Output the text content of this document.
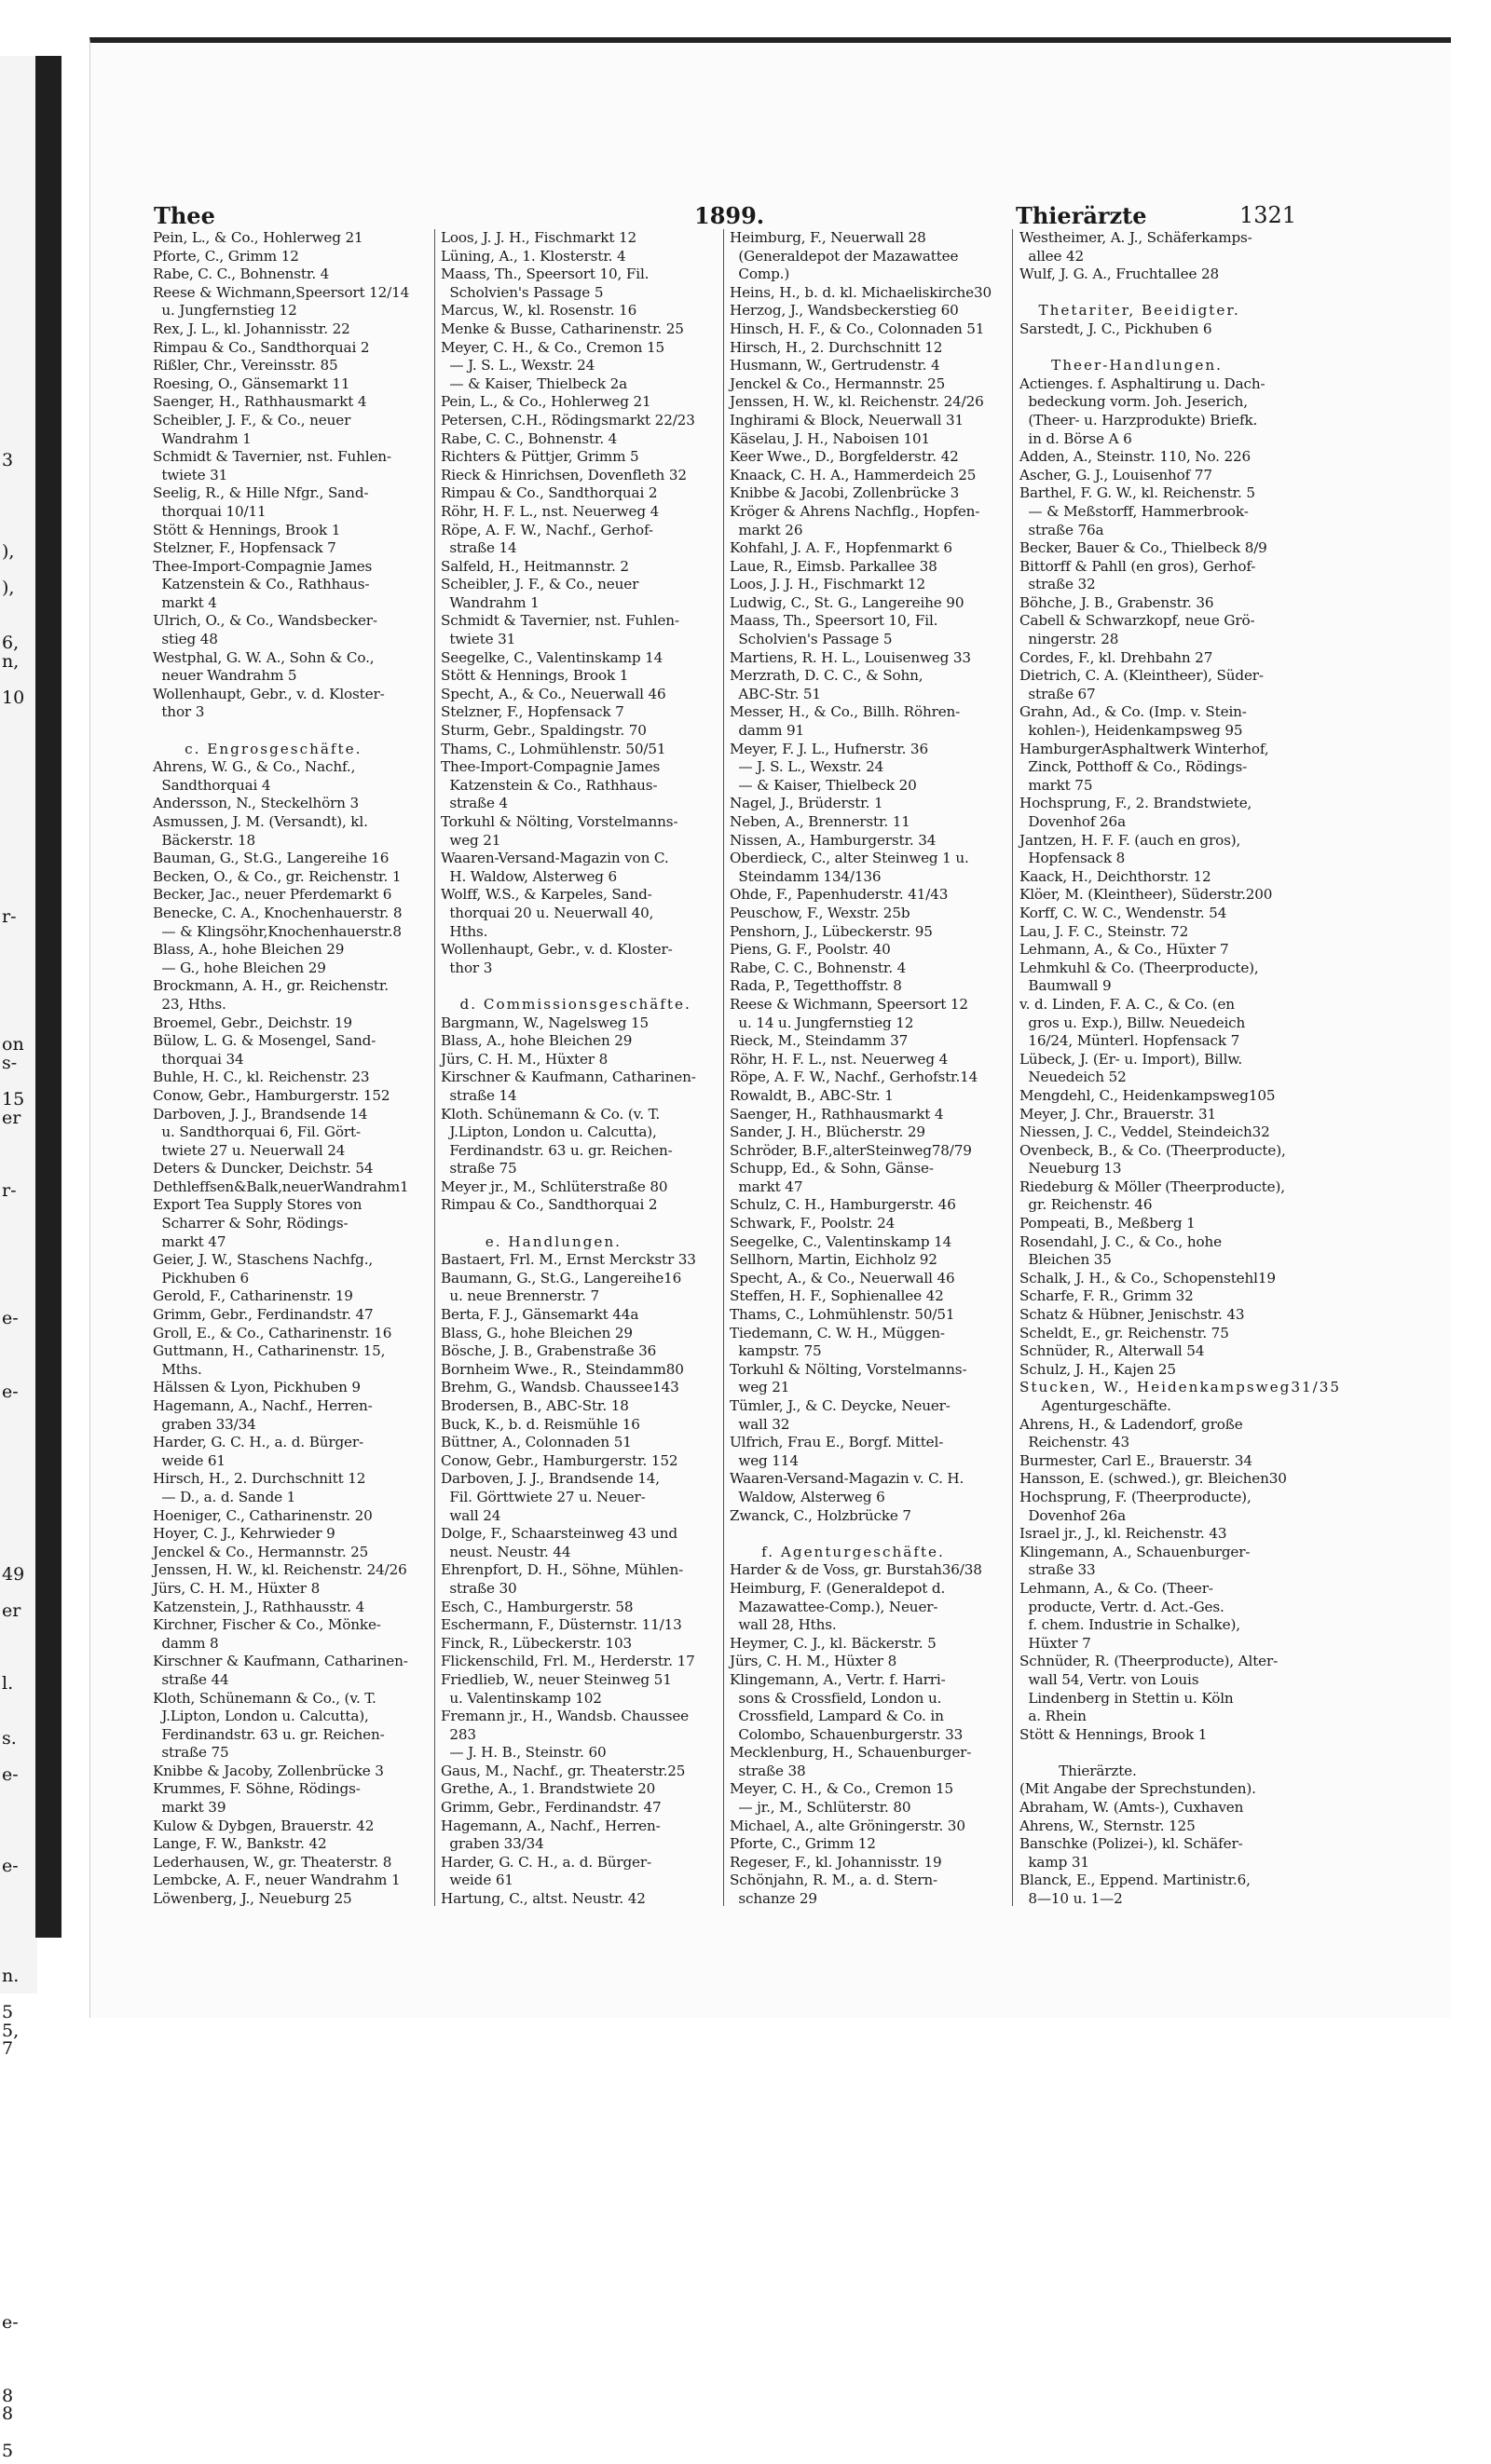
3
),
),
6,
n,
10
r-
on
s-
15
er
r-
e-
e-
49
er
l.
s.
e-
e-
n.
5
5,
7
e-
8
8
5
Thee	1899.	Thierärzte	1321
Pein, L., & Co., Hohlerweg 21
Pforte, C., Grimm 12
Rabe, C. C., Bohnenstr. 4
Reese & Wichmann,Speersort 12/14
u. Jungfernstieg 12
Rex, J. L., kl. Johannisstr. 22
Rimpau & Co., Sandthorquai 2
Rißler, Chr., Vereinsstr. 85
Roesing, O., Gänsemarkt 11
Saenger, H., Rathhausmarkt 4
Scheibler, J. F., & Co., neuer
Wandrahm 1
Schmidt & Tavernier, nst. Fuhlen-
twiete 31
Seelig, R., & Hille Nfgr., Sand-
thorquai 10/11
Stött & Hennings, Brook 1
Stelzner, F., Hopfensack 7
Thee-Import-Compagnie James
Katzenstein & Co., Rathhaus-
markt 4
Ulrich, O., & Co., Wandsbecker-
stieg 48
Westphal, G. W. A., Sohn & Co.,
neuer Wandrahm 5
Wollenhaupt, Gebr., v. d. Kloster-
thor 3
c. Engrosgeschäfte.
Ahrens, W. G., & Co., Nachf.,
Sandthorquai 4
Andersson, N., Steckelhörn 3
Asmussen, J. M. (Versandt), kl.
Bäckerstr. 18
Bauman, G., St.G., Langereihe 16
Becken, O., & Co., gr. Reichenstr. 1
Becker, Jac., neuer Pferdemarkt 6
Benecke, C. A., Knochenhauerstr. 8
— & Klingsöhr,Knochenhauerstr.8
Blass, A., hohe Bleichen 29
— G., hohe Bleichen 29
Brockmann, A. H., gr. Reichenstr.
23, Hths.
Broemel, Gebr., Deichstr. 19
Bülow, L. G. & Mosengel, Sand-
thorquai 34
Buhle, H. C., kl. Reichenstr. 23
Conow, Gebr., Hamburgerstr. 152
Darboven, J. J., Brandsende 14
u. Sandthorquai 6, Fil. Gört-
twiete 27 u. Neuerwall 24
Deters & Duncker, Deichstr. 54
Dethleffsen&Balk,neuerWandrahm1
Export Tea Supply Stores von
Scharrer & Sohr, Rödings-
markt 47
Geier, J. W., Staschens Nachfg.,
Pickhuben 6
Gerold, F., Catharinenstr. 19
Grimm, Gebr., Ferdinandstr. 47
Groll, E., & Co., Catharinenstr. 16
Guttmann, H., Catharinenstr. 15,
Mths.
Hälssen & Lyon, Pickhuben 9
Hagemann, A., Nachf., Herren-
graben 33/34
Harder, G. C. H., a. d. Bürger-
weide 61
Hirsch, H., 2. Durchschnitt 12
— D., a. d. Sande 1
Hoeniger, C., Catharinenstr. 20
Hoyer, C. J., Kehrwieder 9
Jenckel & Co., Hermannstr. 25
Jenssen, H. W., kl. Reichenstr. 24/26
Jürs, C. H. M., Hüxter 8
Katzenstein, J., Rathhausstr. 4
Kirchner, Fischer & Co., Mönke-
damm 8
Kirschner & Kaufmann, Catharinen-
straße 44
Kloth, Schünemann & Co., (v. T.
J.Lipton, London u. Calcutta),
Ferdinandstr. 63 u. gr. Reichen-
straße 75
Knibbe & Jacoby, Zollenbrücke 3
Krummes, F. Söhne, Rödings-
markt 39
Kulow & Dybgen, Brauerstr. 42
Lange, F. W., Bankstr. 42
Lederhausen, W., gr. Theaterstr. 8
Lembcke, A. F., neuer Wandrahm 1
Löwenberg, J., Neueburg 25
Loos, J. J. H., Fischmarkt 12
Lüning, A., 1. Klosterstr. 4
Maass, Th., Speersort 10, Fil.
Scholvien's Passage 5
Marcus, W., kl. Rosenstr. 16
Menke & Busse, Catharinenstr. 25
Meyer, C. H., & Co., Cremon 15
— J. S. L., Wexstr. 24
— & Kaiser, Thielbeck 2a
Pein, L., & Co., Hohlerweg 21
Petersen, C.H., Rödingsmarkt 22/23
Rabe, C. C., Bohnenstr. 4
Richters & Püttjer, Grimm 5
Rieck & Hinrichsen, Dovenfleth 32
Rimpau & Co., Sandthorquai 2
Röhr, H. F. L., nst. Neuerweg 4
Röpe, A. F. W., Nachf., Gerhof-
straße 14
Salfeld, H., Heitmannstr. 2
Scheibler, J. F., & Co., neuer
Wandrahm 1
Schmidt & Tavernier, nst. Fuhlen-
twiete 31
Seegelke, C., Valentinskamp 14
Stött & Hennings, Brook 1
Specht, A., & Co., Neuerwall 46
Stelzner, F., Hopfensack 7
Sturm, Gebr., Spaldingstr. 70
Thams, C., Lohmühlenstr. 50/51
Thee-Import-Compagnie James
Katzenstein & Co., Rathhaus-
straße 4
Torkuhl & Nölting, Vorstelmanns-
weg 21
Waaren-Versand-Magazin von C.
H. Waldow, Alsterweg 6
Wolff, W.S., & Karpeles, Sand-
thorquai 20 u. Neuerwall 40,
Hths.
Wollenhaupt, Gebr., v. d. Kloster-
thor 3
d. Commissionsgeschäfte.
Bargmann, W., Nagelsweg 15
Blass, A., hohe Bleichen 29
Jürs, C. H. M., Hüxter 8
Kirschner & Kaufmann, Catharinen-
straße 14
Kloth. Schünemann & Co. (v. T.
J.Lipton, London u. Calcutta),
Ferdinandstr. 63 u. gr. Reichen-
straße 75
Meyer jr., M., Schlüterstraße 80
Rimpau & Co., Sandthorquai 2
e. Handlungen.
Bastaert, Frl. M., Ernst Merckstr 33
Baumann, G., St.G., Langereihe16
u. neue Brennerstr. 7
Berta, F. J., Gänsemarkt 44a
Blass, G., hohe Bleichen 29
Bösche, J. B., Grabenstraße 36
Bornheim Wwe., R., Steindamm80
Brehm, G., Wandsb. Chaussee143
Brodersen, B., ABC-Str. 18
Buck, K., b. d. Reismühle 16
Büttner, A., Colonnaden 51
Conow, Gebr., Hamburgerstr. 152
Darboven, J. J., Brandsende 14,
Fil. Görttwiete 27 u. Neuer-
wall 24
Dolge, F., Schaarsteinweg 43 und
neust. Neustr. 44
Ehrenpfort, D. H., Söhne, Mühlen-
straße 30
Esch, C., Hamburgerstr. 58
Eschermann, F., Düsternstr. 11/13
Finck, R., Lübeckerstr. 103
Flickenschild, Frl. M., Herderstr. 17
Friedlieb, W., neuer Steinweg 51
u. Valentinskamp 102
Fremann jr., H., Wandsb. Chaussee
283
— J. H. B., Steinstr. 60
Gaus, M., Nachf., gr. Theaterstr.25
Grethe, A., 1. Brandstwiete 20
Grimm, Gebr., Ferdinandstr. 47
Hagemann, A., Nachf., Herren-
graben 33/34
Harder, G. C. H., a. d. Bürger-
weide 61
Hartung, C., altst. Neustr. 42
Heimburg, F., Neuerwall 28
(Generaldepot der Mazawattee
Comp.)
Heins, H., b. d. kl. Michaeliskirche30
Herzog, J., Wandsbeckerstieg 60
Hinsch, H. F., & Co., Colonnaden 51
Hirsch, H., 2. Durchschnitt 12
Husmann, W., Gertrudenstr. 4
Jenckel & Co., Hermannstr. 25
Jenssen, H. W., kl. Reichenstr. 24/26
Inghirami & Block, Neuerwall 31
Käselau, J. H., Naboisen 101
Keer Wwe., D., Borgfelderstr. 42
Knaack, C. H. A., Hammerdeich 25
Knibbe & Jacobi, Zollenbrücke 3
Kröger & Ahrens Nachflg., Hopfen-
markt 26
Kohfahl, J. A. F., Hopfenmarkt 6
Laue, R., Eimsb. Parkallee 38
Loos, J. J. H., Fischmarkt 12
Ludwig, C., St. G., Langereihe 90
Maass, Th., Speersort 10, Fil.
Scholvien's Passage 5
Martiens, R. H. L., Louisenweg 33
Merzrath, D. C. C., & Sohn,
ABC-Str. 51
Messer, H., & Co., Billh. Röhren-
damm 91
Meyer, F. J. L., Hufnerstr. 36
— J. S. L., Wexstr. 24
— & Kaiser, Thielbeck 20
Nagel, J., Brüderstr. 1
Neben, A., Brennerstr. 11
Nissen, A., Hamburgerstr. 34
Oberdieck, C., alter Steinweg 1 u.
Steindamm 134/136
Ohde, F., Papenhuderstr. 41/43
Peuschow, F., Wexstr. 25b
Penshorn, J., Lübeckerstr. 95
Piens, G. F., Poolstr. 40
Rabe, C. C., Bohnenstr. 4
Rada, P., Tegetthoffstr. 8
Reese & Wichmann, Speersort 12
u. 14 u. Jungfernstieg 12
Rieck, M., Steindamm 37
Röhr, H. F. L., nst. Neuerweg 4
Röpe, A. F. W., Nachf., Gerhofstr.14
Rowaldt, B., ABC-Str. 1
Saenger, H., Rathhausmarkt 4
Sander, J. H., Blücherstr. 29
Schröder, B.F.,alterSteinweg78/79
Schupp, Ed., & Sohn, Gänse-
markt 47
Schulz, C. H., Hamburgerstr. 46
Schwark, F., Poolstr. 24
Seegelke, C., Valentinskamp 14
Sellhorn, Martin, Eichholz 92
Specht, A., & Co., Neuerwall 46
Steffen, H. F., Sophienallee 42
Thams, C., Lohmühlenstr. 50/51
Tiedemann, C. W. H., Müggen-
kampstr. 75
Torkuhl & Nölting, Vorstelmanns-
weg 21
Tümler, J., & C. Deycke, Neuer-
wall 32
Ulfrich, Frau E., Borgf. Mittel-
weg 114
Waaren-Versand-Magazin v. C. H.
Waldow, Alsterweg 6
Zwanck, C., Holzbrücke 7
f. Agenturgeschäfte.
Harder & de Voss, gr. Burstah36/38
Heimburg, F. (Generaldepot d.
Mazawattee-Comp.), Neuer-
wall 28, Hths.
Heymer, C. J., kl. Bäckerstr. 5
Jürs, C. H. M., Hüxter 8
Klingemann, A., Vertr. f. Harri-
sons & Crossfield, London u.
Crossfield, Lampard & Co. in
Colombo, Schauenburgerstr. 33
Mecklenburg, H., Schauenburger-
straße 38
Meyer, C. H., & Co., Cremon 15
— jr., M., Schlüterstr. 80
Michael, A., alte Gröningerstr. 30
Pforte, C., Grimm 12
Regeser, F., kl. Johannisstr. 19
Schönjahn, R. M., a. d. Stern-
schanze 29
Westheimer, A. J., Schäferkamps-
allee 42
Wulf, J. G. A., Fruchtallee 28
Thetariter, Beeidigter.
Sarstedt, J. C., Pickhuben 6
Theer-Handlungen.
Actienges. f. Asphaltirung u. Dach-
bedeckung vorm. Joh. Jeserich,
(Theer- u. Harzprodukte) Briefk.
in d. Börse A 6
Adden, A., Steinstr. 110, No. 226
Ascher, G. J., Louisenhof 77
Barthel, F. G. W., kl. Reichenstr. 5
— & Meßstorff, Hammerbrook-
straße 76a
Becker, Bauer & Co., Thielbeck 8/9
Bittorff & Pahll (en gros), Gerhof-
straße 32
Böhche, J. B., Grabenstr. 36
Cabell & Schwarzkopf, neue Grö-
ningerstr. 28
Cordes, F., kl. Drehbahn 27
Dietrich, C. A. (Kleintheer), Süder-
straße 67
Grahn, Ad., & Co. (Imp. v. Stein-
kohlen-), Heidenkampsweg 95
HamburgerAsphaltwerk Winterhof,
Zinck, Potthoff & Co., Rödings-
markt 75
Hochsprung, F., 2. Brandstwiete,
Dovenhof 26a
Jantzen, H. F. F. (auch en gros),
Hopfensack 8
Kaack, H., Deichthorstr. 12
Klöer, M. (Kleintheer), Süderstr.200
Korff, C. W. C., Wendenstr. 54
Lau, J. F. C., Steinstr. 72
Lehmann, A., & Co., Hüxter 7
Lehmkuhl & Co. (Theerproducte),
Baumwall 9
v. d. Linden, F. A. C., & Co. (en
gros u. Exp.), Billw. Neuedeich
16/24, Münterl. Hopfensack 7
Lübeck, J. (Er- u. Import), Billw.
Neuedeich 52
Mengdehl, C., Heidenkampsweg105
Meyer, J. Chr., Brauerstr. 31
Niessen, J. C., Veddel, Steindeich32
Ovenbeck, B., & Co. (Theerproducte),
Neueburg 13
Riedeburg & Möller (Theerproducte),
gr. Reichenstr. 46
Pompeati, B., Meßberg 1
Rosendahl, J. C., & Co., hohe
Bleichen 35
Schalk, J. H., & Co., Schopenstehl19
Scharfe, F. R., Grimm 32
Schatz & Hübner, Jenischstr. 43
Scheldt, E., gr. Reichenstr. 75
Schnüder, R., Alterwall 54
Schulz, J. H., Kajen 25
Stucken, W., Heidenkampsweg31/35
Agenturgeschäfte.
Ahrens, H., & Ladendorf, große
Reichenstr. 43
Burmester, Carl E., Brauerstr. 34
Hansson, E. (schwed.), gr. Bleichen30
Hochsprung, F. (Theerproducte),
Dovenhof 26a
Israel jr., J., kl. Reichenstr. 43
Klingemann, A., Schauenburger-
straße 33
Lehmann, A., & Co. (Theer-
producte, Vertr. d. Act.-Ges.
f. chem. Industrie in Schalke),
Hüxter 7
Schnüder, R. (Theerproducte), Alter-
wall 54, Vertr. von Louis
Lindenberg in Stettin u. Köln
a. Rhein
Stött & Hennings, Brook 1
Thierärzte.
(Mit Angabe der Sprechstunden).
Abraham, W. (Amts-), Cuxhaven
Ahrens, W., Sternstr. 125
Banschke (Polizei-), kl. Schäfer-
kamp 31
Blanck, E., Eppend. Martinistr.6,
8—10 u. 1—2
